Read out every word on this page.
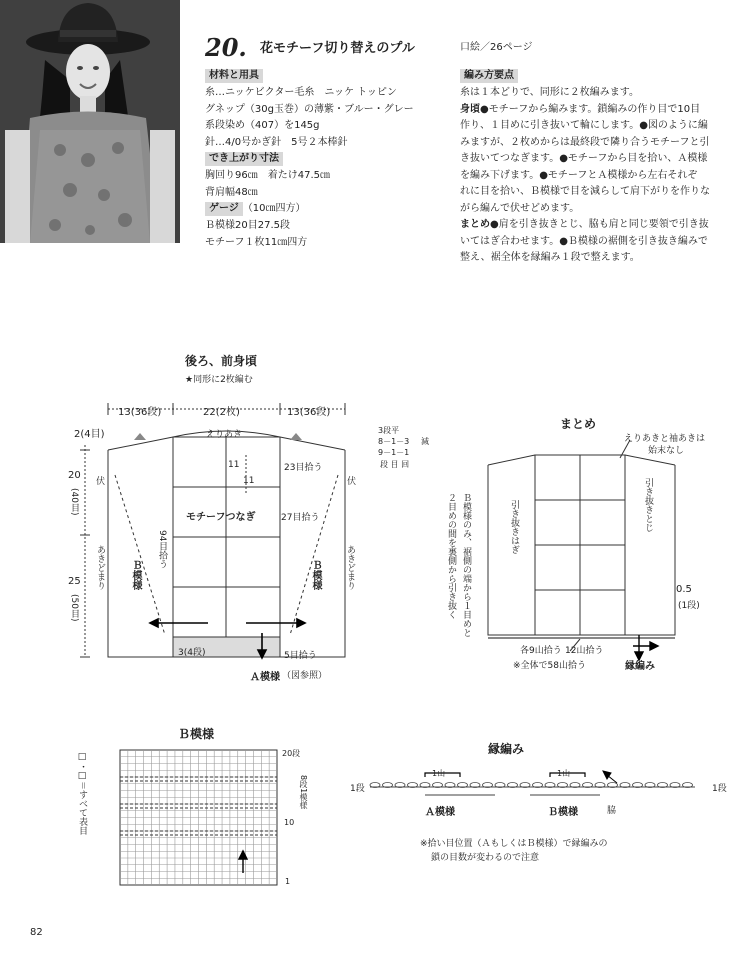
20. 花モチーフ切り替えのプル	口絵／26ページ
材料と用具
糸…ニッケビクター毛糸　ニッケ トッピン
グネップ（30g玉巻）の薄紫・ブルー・グレー
系段染め（407）を145g
針…4/0号かぎ針　5号２本棒針
でき上がり寸法
胸回り96㎝　着たけ47.5㎝
背肩幅48㎝
ゲージ （10㎝四方）
Ｂ模様20目27.5段
モチーフ１枚11㎝四方
編み方要点
糸は１本どりで、同形に２枚編みます。
身頃●モチーフから編みます。鎖編みの作り目で10目
作り、１目めに引き抜いて輪にします。●図のように編
みますが、２枚めからは最終段で隣り合うモチーフと引
き抜いてつなぎます。●モチーフから目を拾い、Ａ模様
を編み下げます。●モチーフとＡ模様から左右それぞ
れに目を拾い、Ｂ模様で目を減らして肩下がりを作りな
がら編んで伏せどめます。
まとめ●肩を引き抜きとじ、脇も肩と同じ要領で引き抜
いてはぎ合わせます。●Ｂ模様の裾側を引き抜き編みで
整え、裾全体を縁編み１段で整えます。
後ろ、前身頃
★同形に2枚編む
13(36段)	22(2枚)	13(36段)
2(4目)	えりあき
11
11
23目拾う
27目拾う
94目拾う
5目拾う
モチーフつなぎ
Ｂ模様	Ｂ模様
伏	伏
あきどまり	あきどまり
20
(40目)
25
(50目)
3段平
8－1－3
9－1－1
減
段 目 回
3(4段)
Ａ模様 （図参照）
まとめ
えりあきと袖あきは
始末なし
引き抜きとじ
引き抜きはぎ
Ｂ模様のみ、裾側の端から１目めと
２目めの間を裏側から引き抜く	0.5
(1段)
各9山拾う 12山拾う
※全体で58山拾う	縁編み
Ｂ模様
20段
8段1模様
10
1
□・□＝すべて表目
縁編み
1段	1段
1山	1山
Ａ模様	Ｂ模様	脇
※拾い目位置（ＡもしくはＢ模様）で縁編みの
鎖の目数が変わるので注意
82
